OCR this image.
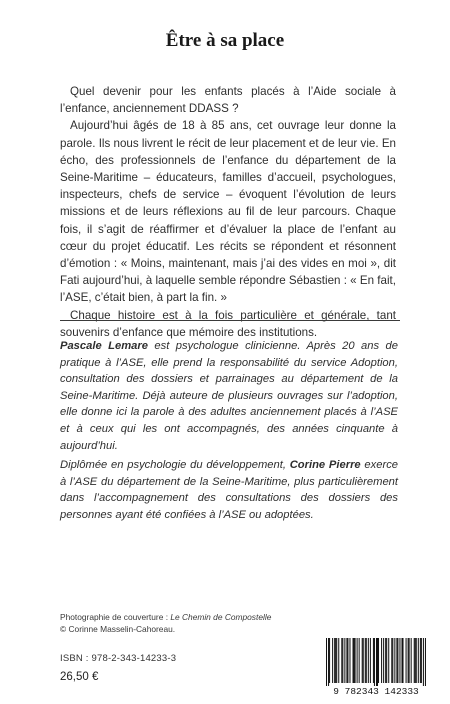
Être à sa place

Quel devenir pour les enfants placés à l’Aide sociale à l’enfance, anciennement DDASS ?

Aujourd’hui âgés de 18 à 85 ans, cet ouvrage leur donne la parole. Ils nous livrent le récit de leur placement et de leur vie. En écho, des professionnels de l’enfance du département de la Seine-Maritime – éducateurs, familles d’accueil, psychologues, inspecteurs, chefs de service – évoquent l’évolution de leurs missions et de leurs réflexions au fil de leur parcours. Chaque fois, il s’agit de réaffirmer et d’évaluer la place de l’enfant au cœur du projet éducatif. Les récits se répondent et résonnent d’émotion : « Moins, maintenant, mais j’ai des vides en moi », dit Fati aujourd’hui, à laquelle semble répondre Sébastien : « En fait, l’ASE, c’était bien, à part la fin. »

Chaque histoire est à la fois particulière et générale, tant souvenirs d’enfance que mémoire des institutions.

Pascale Lemare est psychologue clinicienne. Après 20 ans de pratique à l’ASE, elle prend la responsabilité du service Adoption, consultation des dossiers et parrainages au département de la Seine-Maritime. Déjà auteure de plusieurs ouvrages sur l’adoption, elle donne ici la parole à des adultes anciennement placés à l’ASE et à ceux qui les ont accompagnés, des années cinquante à aujourd’hui.

Diplômée en psychologie du développement, Corine Pierre exerce à l’ASE du département de la Seine-Maritime, plus particulièrement dans l’accompagnement des consultations des dossiers des personnes ayant été confiées à l’ASE ou adoptées.

Photographie de couverture : Le Chemin de Compostelle
© Corinne Masselin-Cahoreau.
ISBN : 978-2-343-14233-3
26,50 €
9 782343 142333
